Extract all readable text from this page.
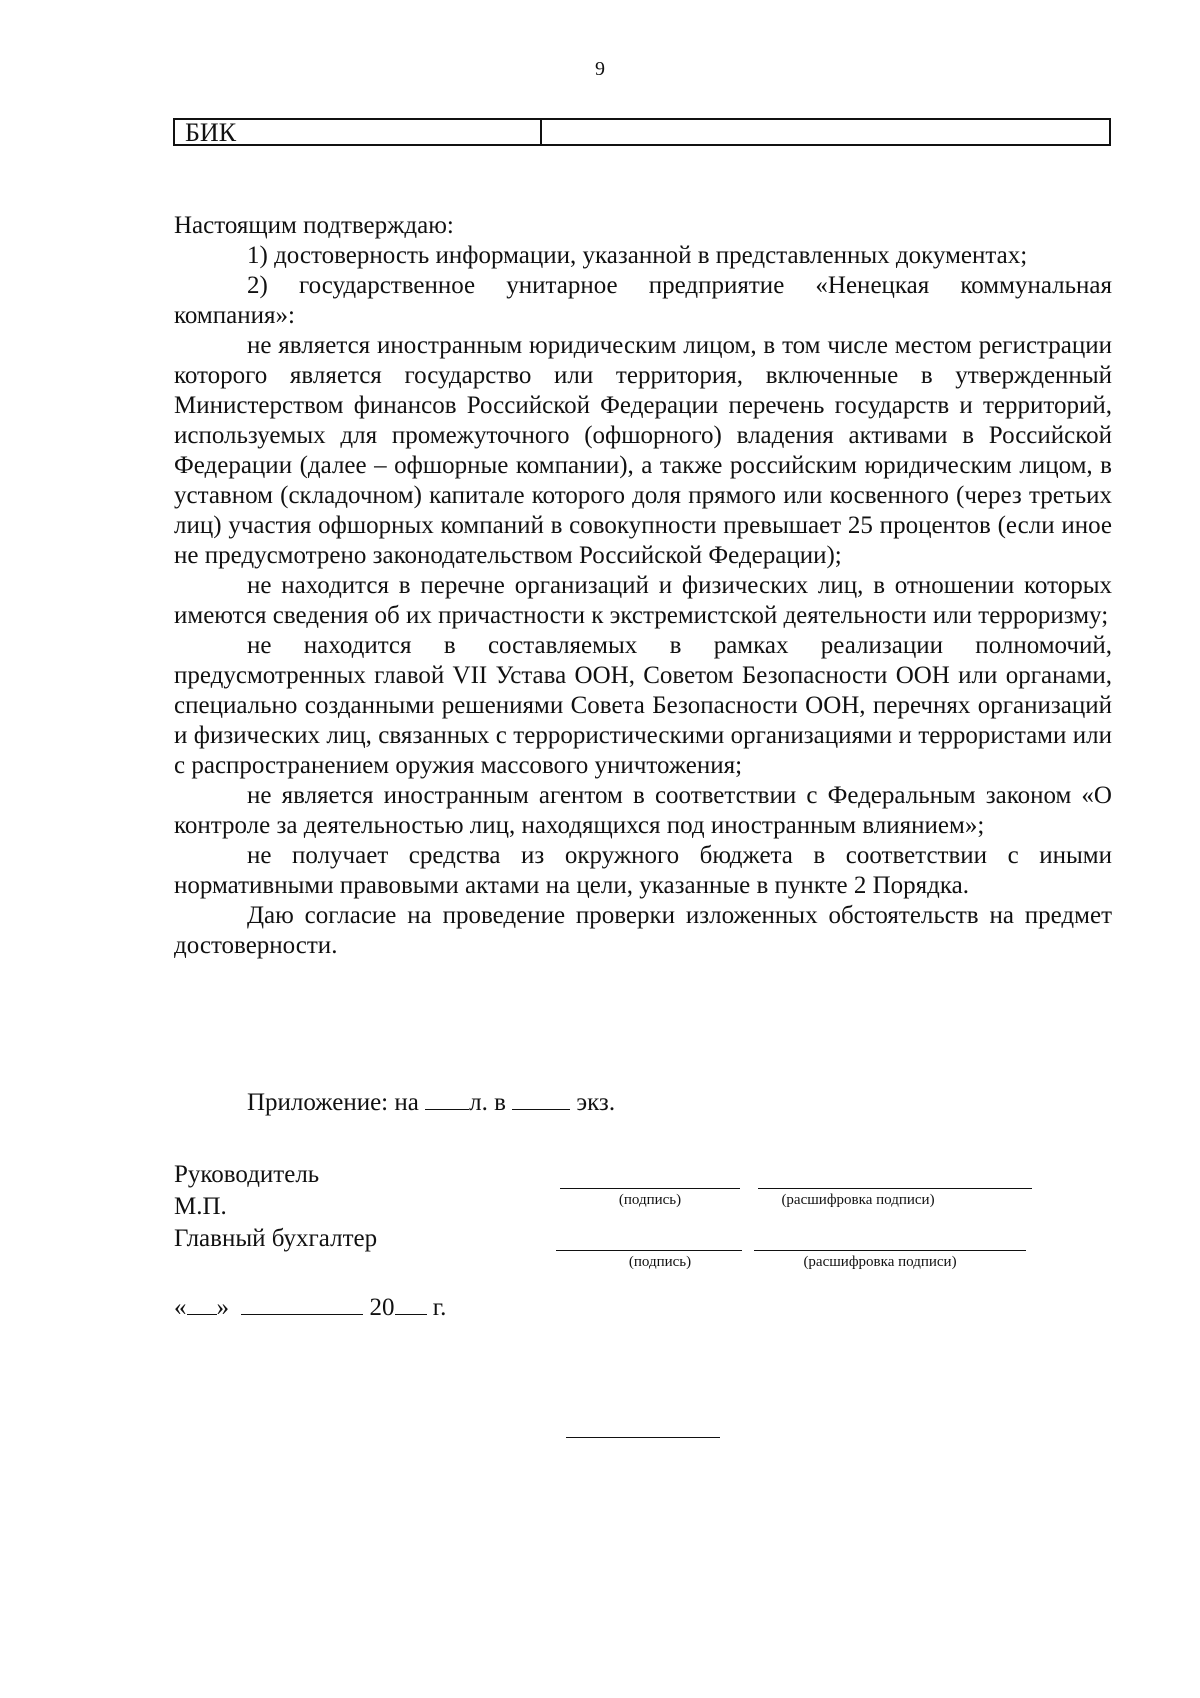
9
БИК

Настоящим подтверждаю:

1) достоверность информации, указанной в представленных документах;

2) государственное унитарное предприятие «Ненецкая коммунальная компания»:

не является иностранным юридическим лицом, в том числе местом регистрации которого является государство или территория, включенные в утвержденный Министерством финансов Российской Федерации перечень государств и территорий, используемых для промежуточного (офшорного) владения активами в Российской Федерации (далее – офшорные компании), а также российским юридическим лицом, в уставном (складочном) капитале которого доля прямого или косвенного (через третьих лиц) участия офшорных компаний в совокупности превышает 25 процентов (если иное не предусмотрено законодательством Российской Федерации);

не находится в перечне организаций и физических лиц, в отношении которых имеются сведения об их причастности к экстремистской деятельности или терроризму;

не находится в составляемых в рамках реализации полномочий, предусмотренных главой VII Устава ООН, Советом Безопасности ООН или органами, специально созданными решениями Совета Безопасности ООН, перечнях организаций и физических лиц, связанных с террористическими организациями и террористами или с распространением оружия массового уничтожения;

не является иностранным агентом в соответствии с Федеральным законом «О контроле за деятельностью лиц, находящихся под иностранным влиянием»;

не получает средства из окружного бюджета в соответствии с иными нормативными правовыми актами на цели, указанные в пункте 2 Порядка.

Даю согласие на проведение проверки изложенных обстоятельств на предмет достоверности.

Приложение: на л. в	экз.
Руководитель
М.П.
Главный бухгалтер
(подпись)	(расшифровка подписи)
(подпись)	(расшифровка подписи)
« »	20 г.
